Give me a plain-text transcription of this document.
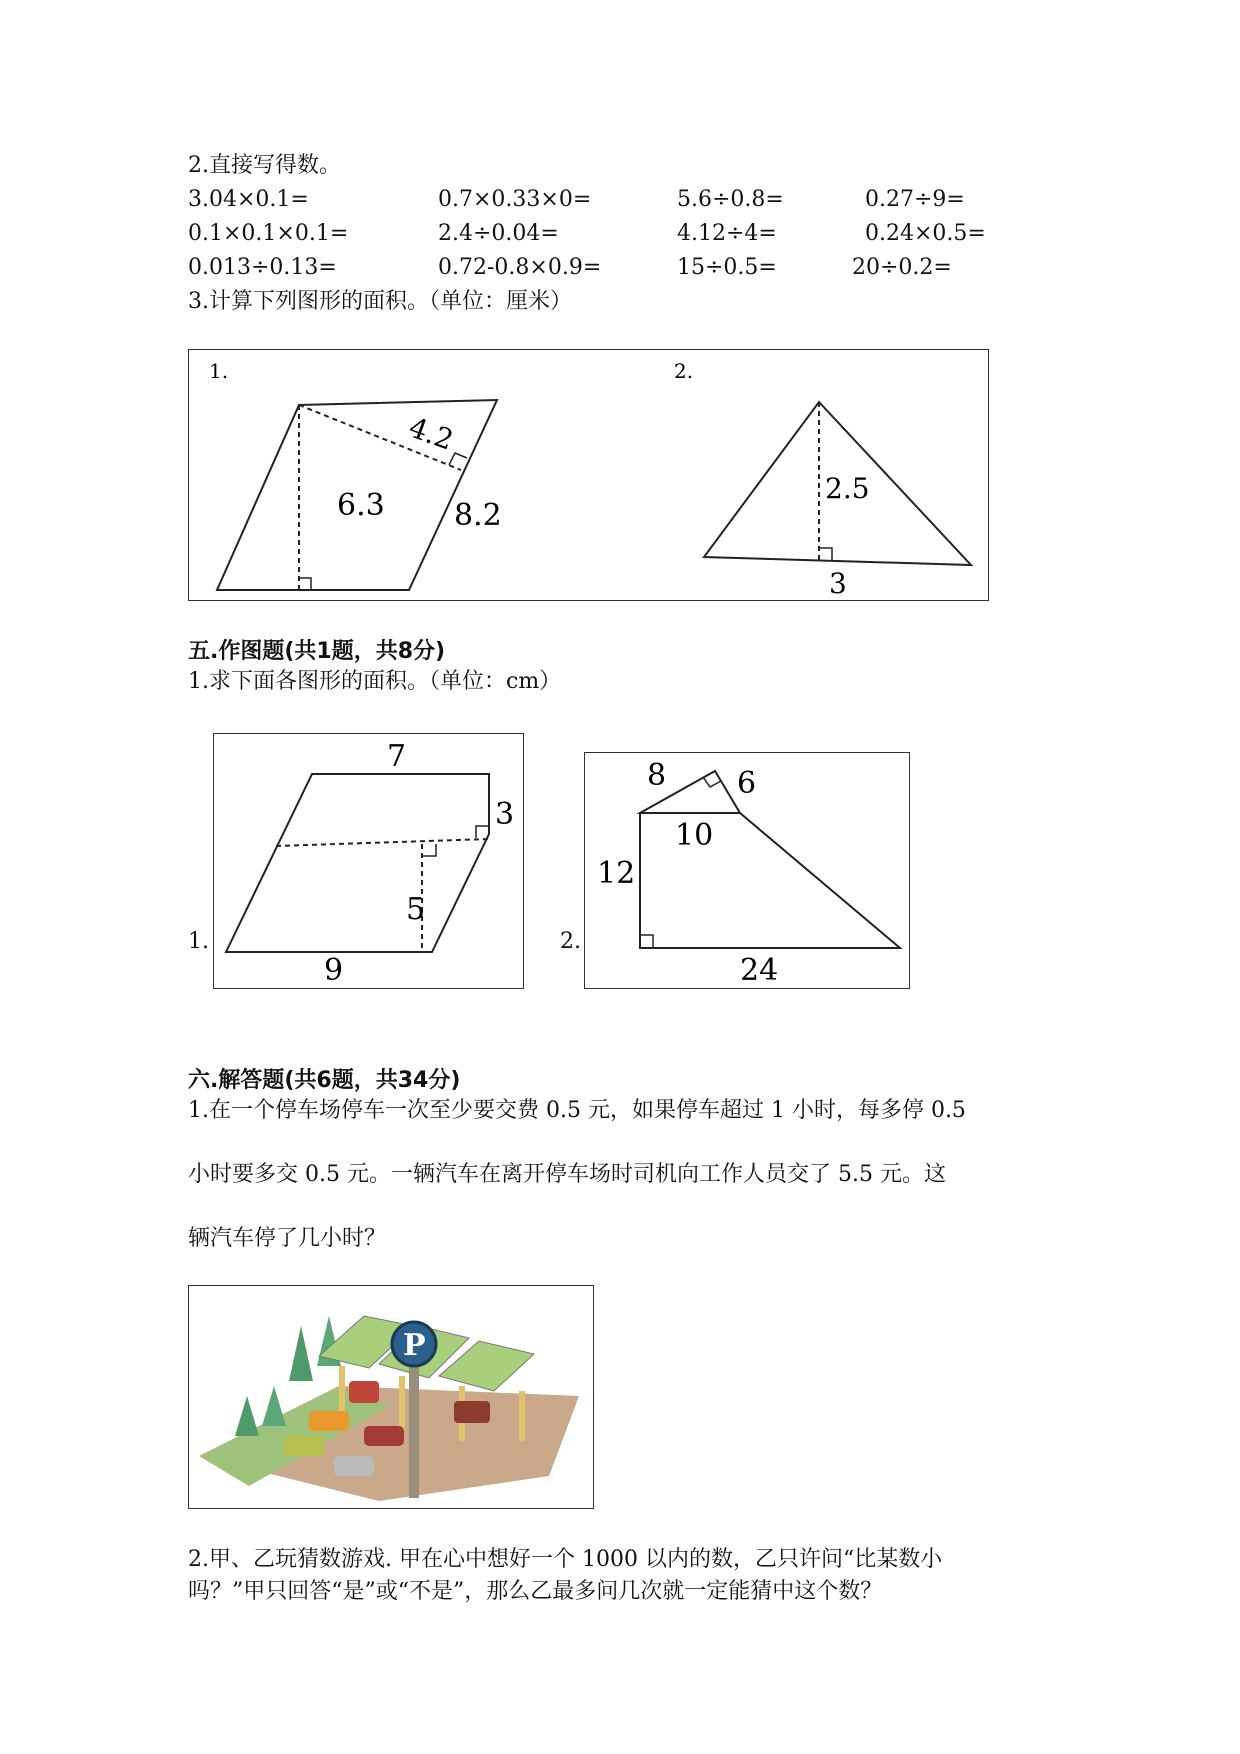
2.直接写得数。
3.04×0.1=	0.7×0.33×0=	5.6÷0.8=	0.27÷9=
0.1×0.1×0.1=	2.4÷0.04=	4.12÷4=	0.24×0.5=
0.013÷0.13=	0.72-0.8×0.9=	15÷0.5=	20÷0.2=
3.计算下列图形的面积。（单位：厘米）
1.
4.2
6.3 8.2
2.
2.5
3
五.作图题(共1题，共8分)
1.求下面各图形的面积。（单位：cm）
1.
7
3
5
9
2.
8 6
10
12
24
六.解答题(共6题，共34分)
1.在一个停车场停车一次至少要交费 0.5 元，如果停车超过 1 小时，每多停 0.5
小时要多交 0.5 元。一辆汽车在离开停车场时司机向工作人员交了 5.5 元。这
辆汽车停了几小时？
P
2.甲、乙玩猜数游戏. 甲在心中想好一个 1000 以内的数，乙只许问“比某数小
吗？”甲只回答“是”或“不是”，那么乙最多问几次就一定能猜中这个数？
